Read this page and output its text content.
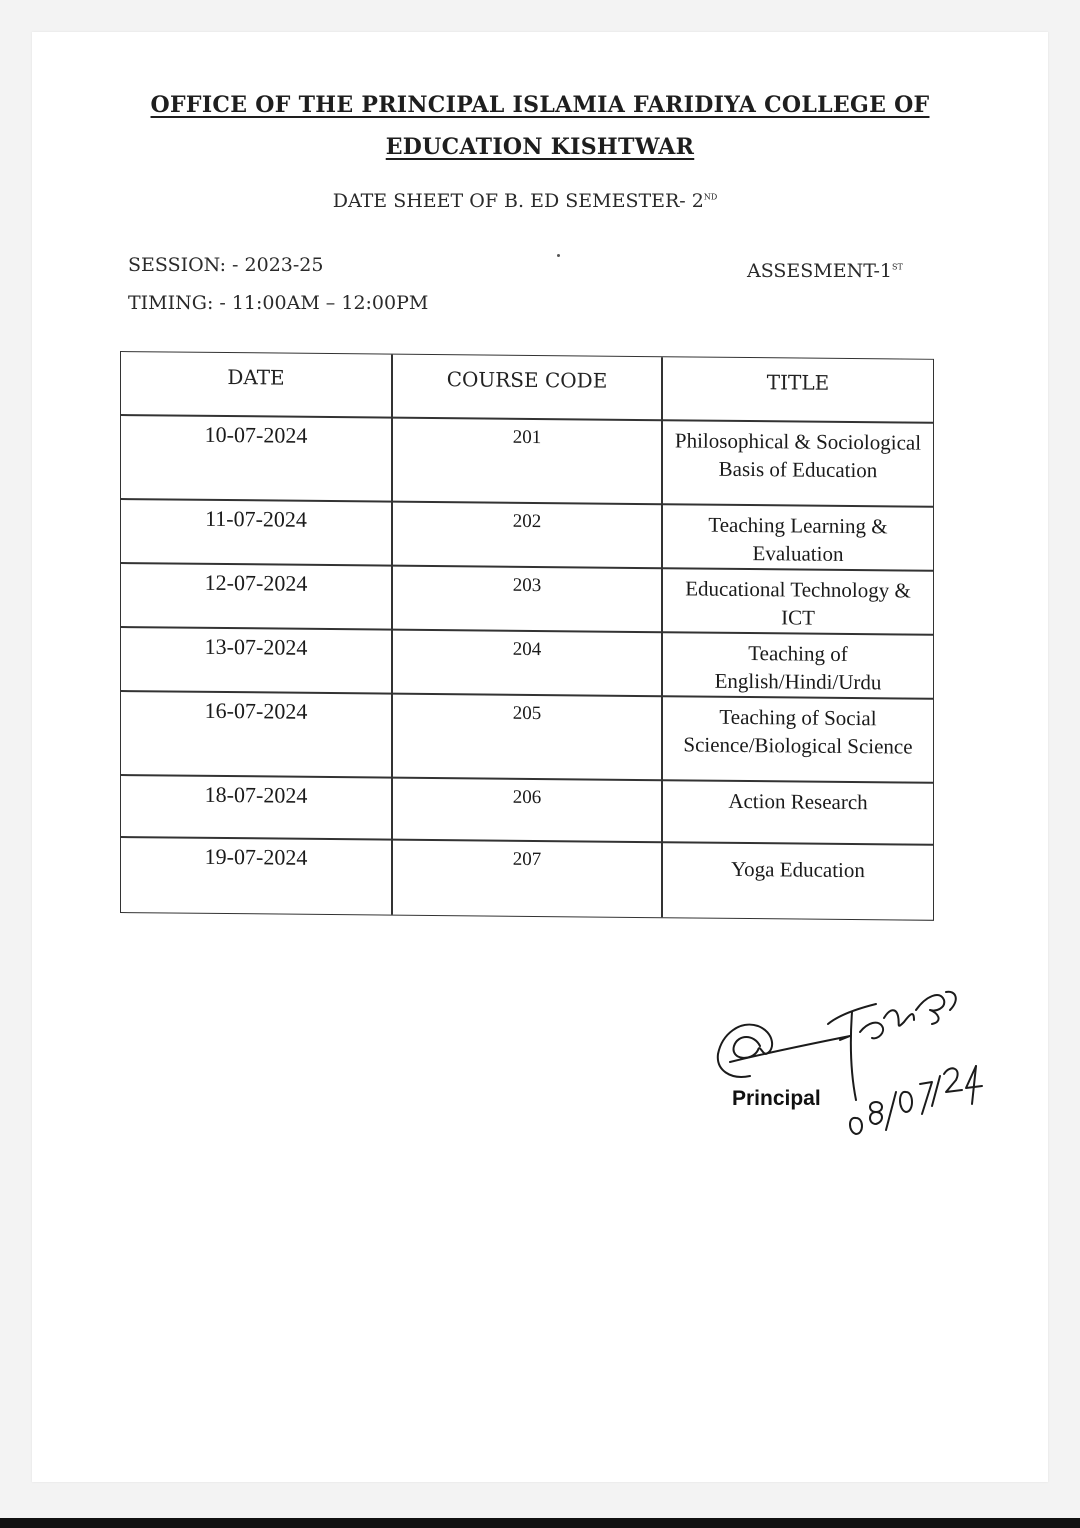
OFFICE OF THE PRINCIPAL ISLAMIA FARIDIYA COLLEGE OF
EDUCATION KISHTWAR
DATE SHEET OF B. ED SEMESTER- 2ND
SESSION: - 2023-25
TIMING: - 11:00AM – 12:00PM
ASSESMENT-1ST
DATE	COURSE CODE	TITLE
10-07-2024	201	Philosophical & Sociological Basis of Education
11-07-2024	202	Teaching Learning & Evaluation
12-07-2024	203	Educational Technology & ICT
13-07-2024	204	Teaching of English/Hindi/Urdu
16-07-2024	205	Teaching of Social Science/Biological Science
18-07-2024	206	Action Research
19-07-2024	207	Yoga Education
Principal
